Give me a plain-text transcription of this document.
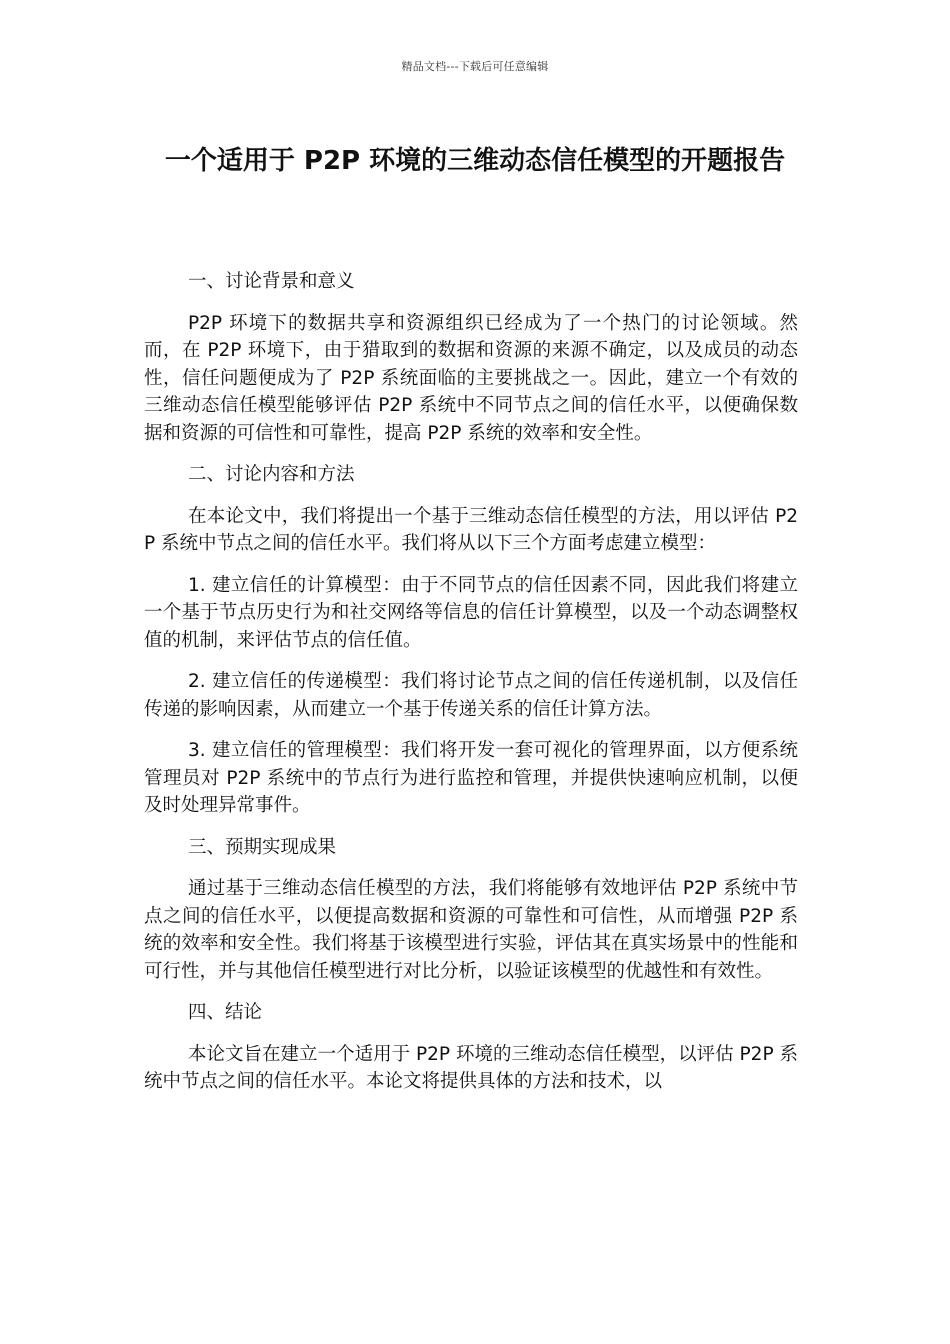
精品文档---下载后可任意编辑
一个适用于 P2P 环境的三维动态信任模型的开题报告

一、讨论背景和意义

P2P 环境下的数据共享和资源组织已经成为了一个热门的讨论领域。然而，在 P2P 环境下，由于猎取到的数据和资源的来源不确定，以及成员的动态性，信任问题便成为了 P2P 系统面临的主要挑战之一。因此，建立一个有效的三维动态信任模型能够评估 P2P 系统中不同节点之间的信任水平，以便确保数据和资源的可信性和可靠性，提高 P2P 系统的效率和安全性。

二、讨论内容和方法

在本论文中，我们将提出一个基于三维动态信任模型的方法，用以评估 P2P 系统中节点之间的信任水平。我们将从以下三个方面考虑建立模型：

1. 建立信任的计算模型：由于不同节点的信任因素不同，因此我们将建立一个基于节点历史行为和社交网络等信息的信任计算模型，以及一个动态调整权值的机制，来评估节点的信任值。

2. 建立信任的传递模型：我们将讨论节点之间的信任传递机制，以及信任传递的影响因素，从而建立一个基于传递关系的信任计算方法。

3. 建立信任的管理模型：我们将开发一套可视化的管理界面，以方便系统管理员对 P2P 系统中的节点行为进行监控和管理，并提供快速响应机制，以便及时处理异常事件。

三、预期实现成果

通过基于三维动态信任模型的方法，我们将能够有效地评估 P2P 系统中节点之间的信任水平，以便提高数据和资源的可靠性和可信性，从而增强 P2P 系统的效率和安全性。我们将基于该模型进行实验，评估其在真实场景中的性能和可行性，并与其他信任模型进行对比分析，以验证该模型的优越性和有效性。

四、结论

本论文旨在建立一个适用于 P2P 环境的三维动态信任模型，以评估 P2P 系统中节点之间的信任水平。本论文将提供具体的方法和技术，以
